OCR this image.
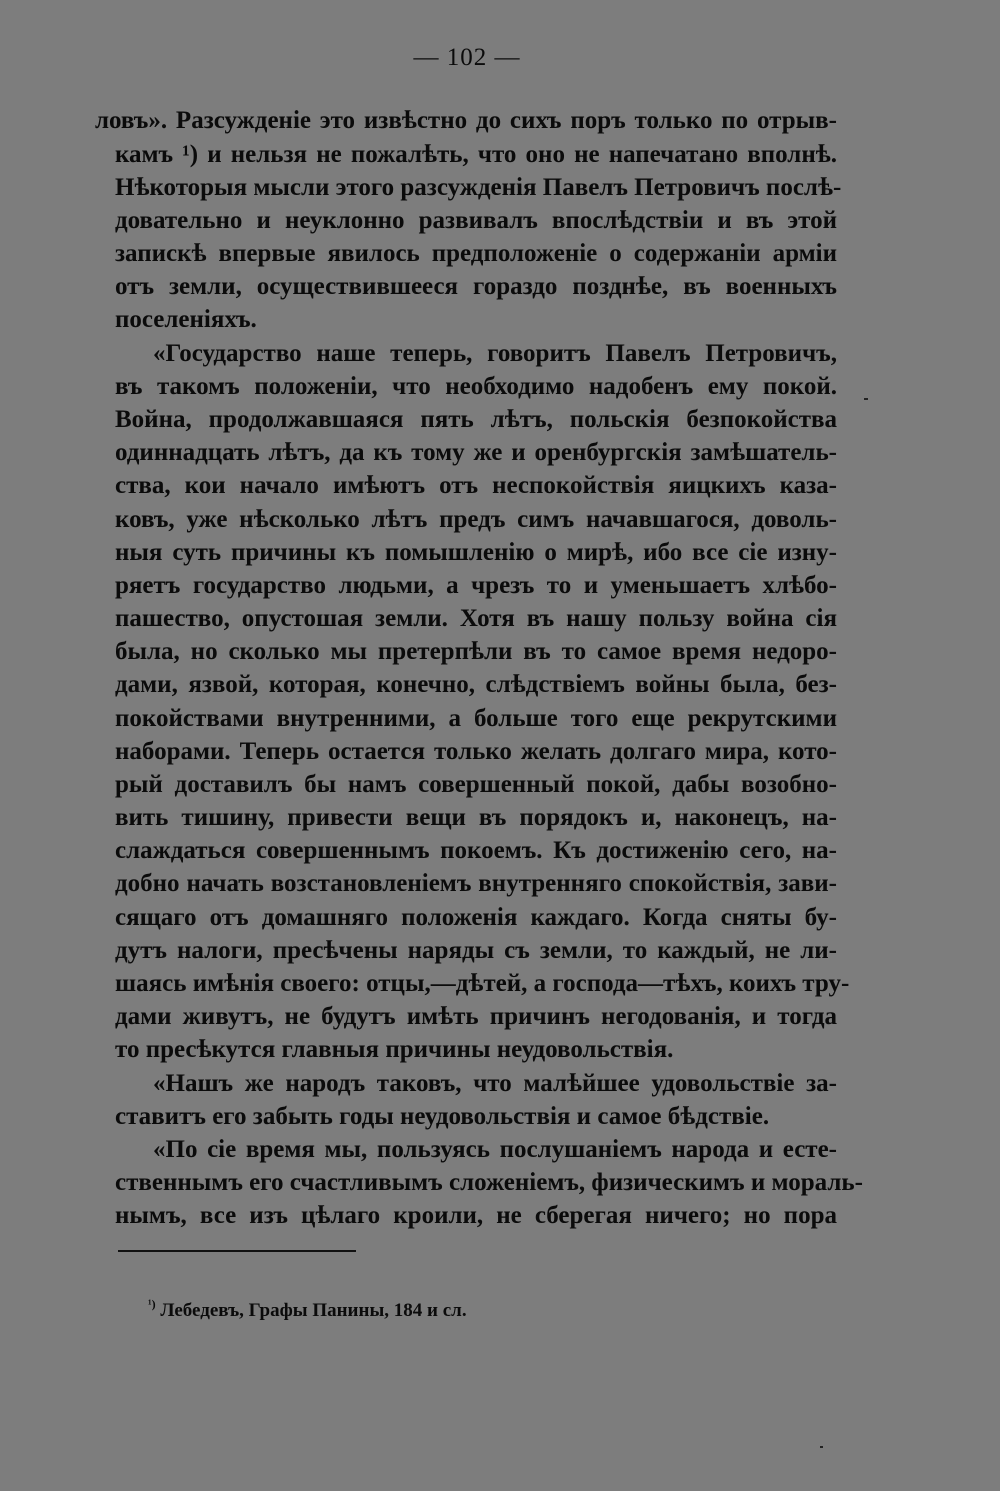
— 102 —
ловъ». Разсужденіе это извѣстно до сихъ поръ только по отрыв-
камъ ¹) и нельзя не пожалѣть, что оно не напечатано вполнѣ.
Нѣкоторыя мысли этого разсужденія Павелъ Петровичъ послѣ-
довательно и неуклонно развивалъ впослѣдствіи и въ этой
запискѣ впервые явилось предположеніе о содержаніи арміи
отъ земли, осуществившееся гораздо позднѣе, въ военныхъ
поселеніяхъ.
«Государство наше теперь, говоритъ Павелъ Петровичъ,
въ такомъ положеніи, что необходимо надобенъ ему покой.
Война, продолжавшаяся пять лѣтъ, польскія безпокойства
одиннадцать лѣтъ, да къ тому же и оренбургскія замѣшатель-
ства, кои начало имѣютъ отъ неспокойствія яицкихъ каза-
ковъ, уже нѣсколько лѣтъ предъ симъ начавшагося, доволь-
ныя суть причины къ помышленію о мирѣ, ибо все сіе изну-
ряетъ государство людьми, а чрезъ то и уменьшаетъ хлѣбо-
пашество, опустошая земли. Хотя въ нашу пользу война сія
была, но сколько мы претерпѣли въ то самое время недоро-
дами, язвой, которая, конечно, слѣдствіемъ войны была, без-
покойствами внутренними, а больше того еще рекрутскими
наборами. Теперь остается только желать долгаго мира, кото-
рый доставилъ бы намъ совершенный покой, дабы возобно-
вить тишину, привести вещи въ порядокъ и, наконецъ, на-
слаждаться совершеннымъ покоемъ. Къ достиженію сего, на-
добно начать возстановленіемъ внутренняго спокойствія, зави-
сящаго отъ домашняго положенія каждаго. Когда сняты бу-
дутъ налоги, пресѣчены наряды съ земли, то каждый, не ли-
шаясь имѣнія своего: отцы,—дѣтей, а господа—тѣхъ, коихъ тру-
дами живутъ, не будутъ имѣть причинъ негодованія, и тогда
то пресѣкутся главныя причины неудовольствія.
«Нашъ же народъ таковъ, что малѣйшее удовольствіе за-
ставитъ его забыть годы неудовольствія и самое бѣдствіе.
«По сіе время мы, пользуясь послушаніемъ народа и есте-
ственнымъ его счастливымъ сложеніемъ, физическимъ и мораль-
нымъ, все изъ цѣлаго кроили, не сберегая ничего; но пора
$^{^1)}$ Лебедевъ, Графы Панины, 184 и сл.
